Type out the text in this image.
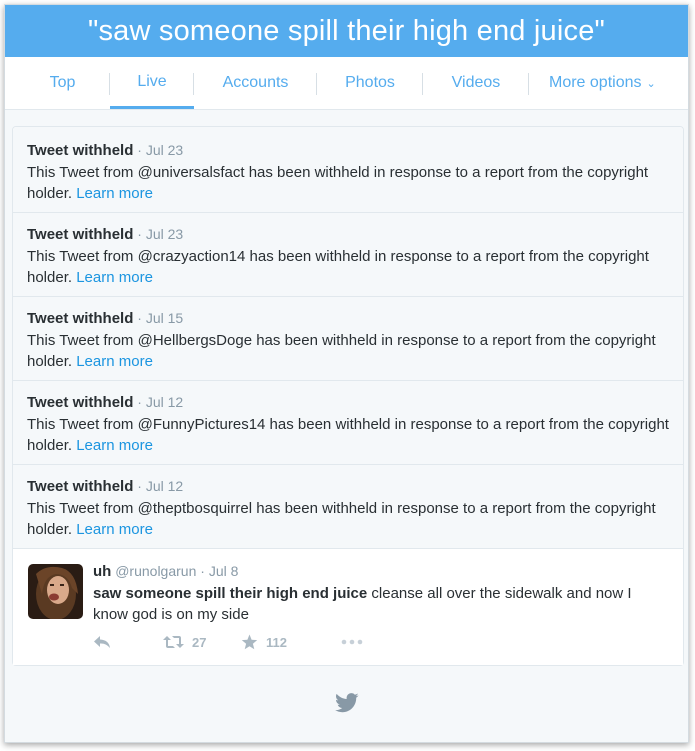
"saw someone spill their high end juice"
Top	Live	Accounts	Photos	Videos	More options ⌄
Tweet withheld · Jul 23
This Tweet from @universalsfact has been withheld in response to a report from the copyright holder. Learn more
Tweet withheld · Jul 23
This Tweet from @crazyaction14 has been withheld in response to a report from the copyright holder. Learn more
Tweet withheld · Jul 15
This Tweet from @HellbergsDoge has been withheld in response to a report from the copyright holder. Learn more
Tweet withheld · Jul 12
This Tweet from @FunnyPictures14 has been withheld in response to a report from the copyright holder. Learn more
Tweet withheld · Jul 12
This Tweet from @theptbosquirrel has been withheld in response to a report from the copyright holder. Learn more
uh @runolgarun · Jul 8
saw someone spill their high end juice cleanse all over the sidewalk and now I know god is on my side
27	112
